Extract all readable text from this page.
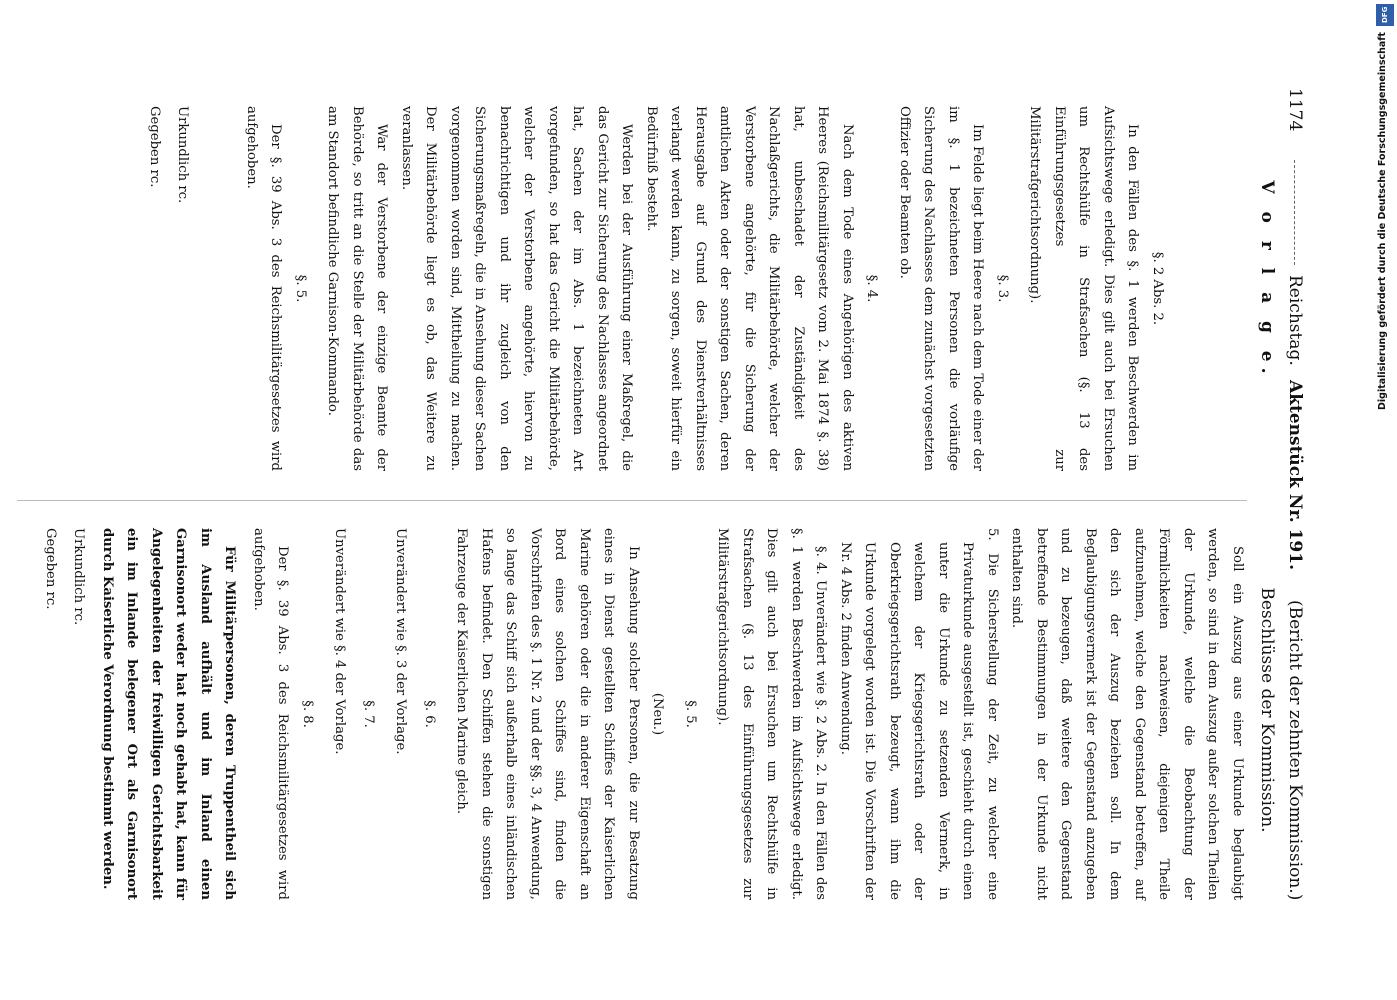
1174
Reichstag.
Aktenstück Nr. 191.
(Bericht der zehnten Kommission.)
V o r l a g e.
Beschlüsse der Kommission.

§. 2 Abs. 2.

In den Fällen des §. 1 werden Beschwerden im Aufsichtswege erledigt. Dies gilt auch bei Ersuchen um Rechtshülfe in Strafsachen (§. 13 des Einführungsgesetzes zur Militärstrafgerichtsordnung).

§. 3.

Im Felde liegt beim Heere nach dem Tode einer der im §. 1 bezeichneten Personen die vorläufige Sicherung des Nachlasses dem zunächst vorgesetzten Offizier oder Beamten ob.

§. 4.

Nach dem Tode eines Angehörigen des aktiven Heeres (Reichsmilitärgesetz vom 2. Mai 1874 §. 38) hat, unbeschadet der Zuständigkeit des Nachlaßgerichts, die Militärbehörde, welcher der Verstorbene angehörte, für die Sicherung der amtlichen Akten oder der sonstigen Sachen, deren Herausgabe auf Grund des Dienstverhältnisses verlangt werden kann, zu sorgen, soweit hierfür ein Bedürfniß besteht.

Werden bei der Ausführung einer Maßregel, die das Gericht zur Sicherung des Nachlasses angeordnet hat, Sachen der im Abs. 1 bezeichneten Art vorgefunden, so hat das Gericht die Militärbehörde, welcher der Verstorbene angehörte, hiervon zu benachrichtigen und ihr zugleich von den Sicherungsmaßregeln, die in Ansehung dieser Sachen vorgenommen worden sind, Mittheilung zu machen. Der Militärbehörde liegt es ob, das Weitere zu veranlassen.

War der Verstorbene der einzige Beamte der Behörde, so tritt an die Stelle der Militärbehörde das am Standort befindliche Garnison-Kommando.

§. 5.

Der §. 39 Abs. 3 des Reichsmilitärgesetzes wird aufgehoben.

Urkundlich rc.

Gegeben rc.

Soll ein Auszug aus einer Urkunde beglaubigt werden, so sind in dem Auszug außer solchen Theilen der Urkunde, welche die Beobachtung der Förmlichkeiten nachweisen, diejenigen Theile aufzunehmen, welche den Gegenstand betreffen, auf den sich der Auszug beziehen soll. In dem Beglaubigungsvermerk ist der Gegenstand anzugeben und zu bezeugen, daß weitere den Gegenstand betreffende Bestimmungen in der Urkunde nicht enthalten sind.

5. Die Sicherstellung der Zeit, zu welcher eine Privaturkunde ausgestellt ist, geschieht durch einen unter die Urkunde zu setzenden Vermerk, in welchem der Kriegsgerichtsrath oder der Oberkriegsgerichtsrath bezeugt, wann ihm die Urkunde vorgelegt worden ist. Die Vorschriften der Nr. 4 Abs. 2 finden Anwendung.

§. 4. Unverändert wie §. 2 Abs. 2. In den Fällen des §. 1 werden Beschwerden im Aufsichtswege erledigt. Dies gilt auch bei Ersuchen um Rechtshülfe in Strafsachen (§. 13 des Einführungsgesetzes zur Militärstrafgerichtsordnung).

§. 5.

(Neu.)

In Ansehung solcher Personen, die zur Besatzung eines in Dienst gestellten Schiffes der Kaiserlichen Marine gehören oder die in anderer Eigenschaft an Bord eines solchen Schiffes sind, finden die Vorschriften des §. 1 Nr. 2 und der §§. 3, 4 Anwendung, so lange das Schiff sich außerhalb eines inländischen Hafens befindet. Den Schiffen stehen die sonstigen Fahrzeuge der Kaiserlichen Marine gleich.

§. 6.

Unverändert wie §. 3 der Vorlage.

§. 7.

Unverändert wie §. 4 der Vorlage.

§. 8.

Der §. 39 Abs. 3 des Reichsmilitärgesetzes wird aufgehoben.

Für Militärpersonen, deren Truppentheil sich im Ausland aufhält und im Inland einen Garnisonort weder hat noch gehabt hat, kann für Angelegenheiten der freiwilligen Gerichtsbarkeit ein im Inlande belegener Ort als Garnisonort durch Kaiserliche Verordnung bestimmt werden.

Urkundlich rc.

Gegeben rc.

DFG
Digitalisierung gefördert durch die Deutsche Forschungsgemeinschaft
